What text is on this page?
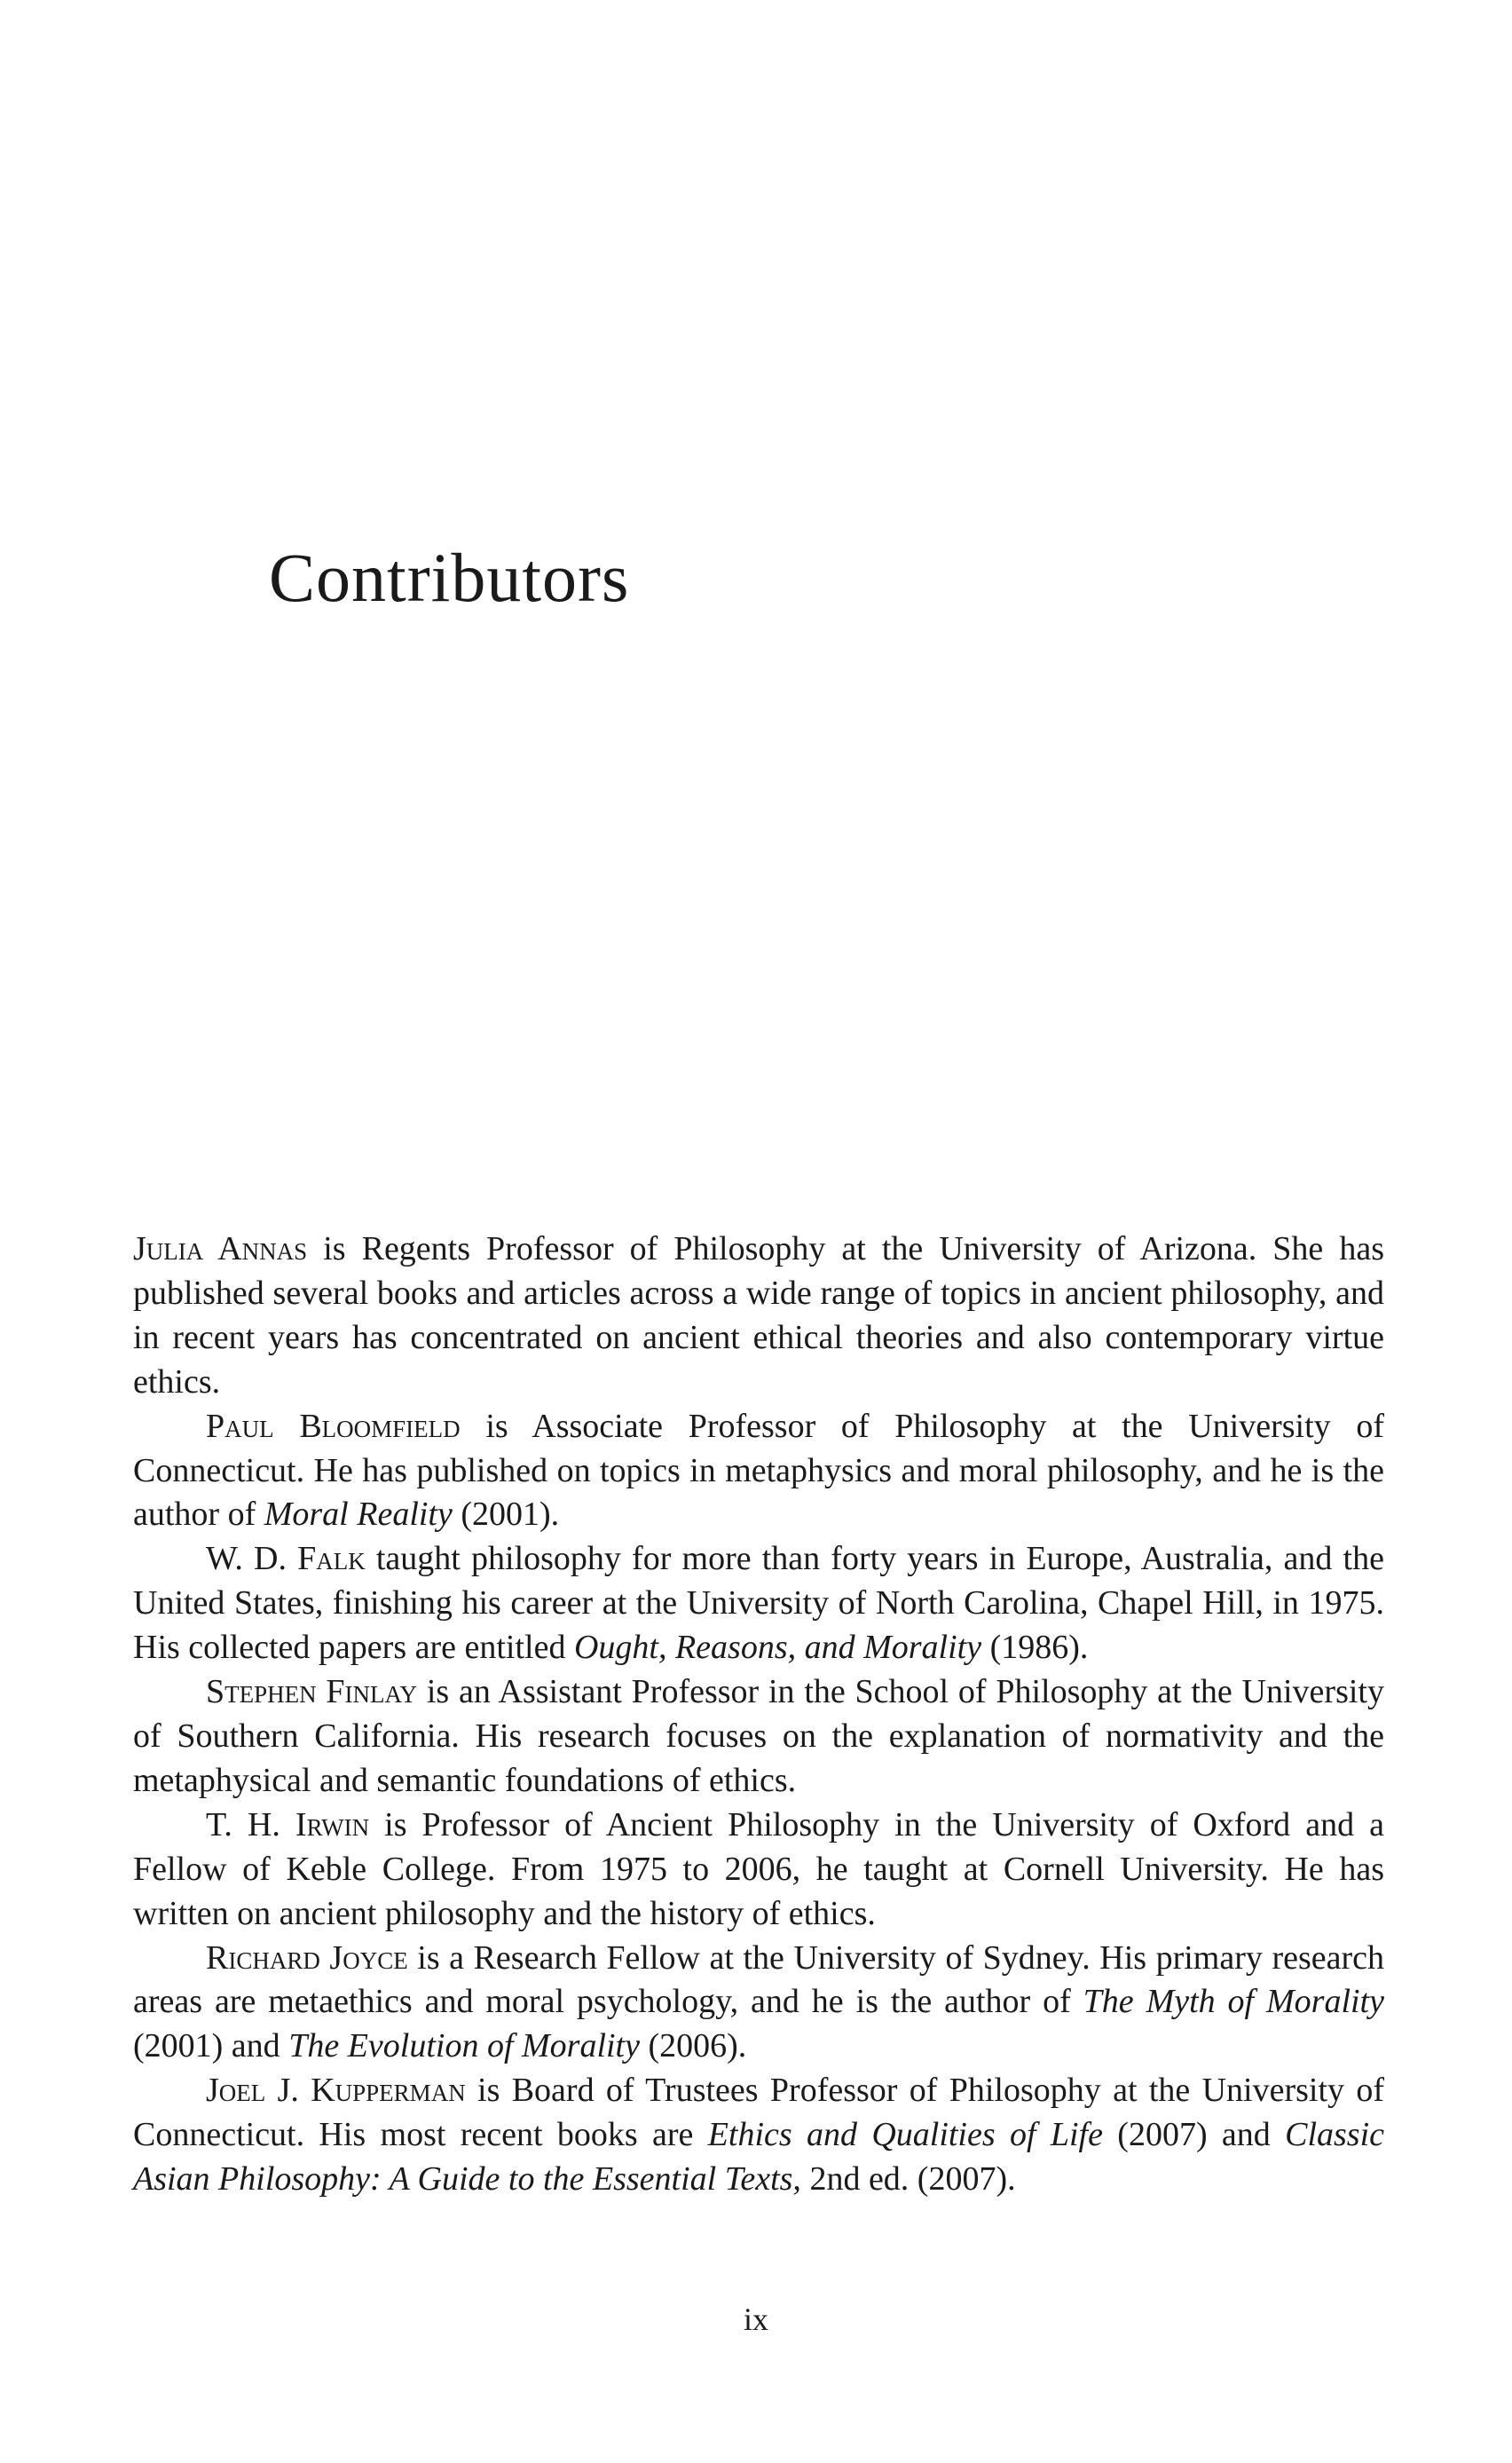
Contributors

Julia Annas is Regents Professor of Philosophy at the University of Arizona. She has published several books and articles across a wide range of topics in ancient philosophy, and in recent years has concentrated on ancient ethical theories and also contemporary virtue ethics.

Paul Bloomfield is Associate Professor of Philosophy at the University of Connecticut. He has published on topics in metaphysics and moral philosophy, and he is the author of Moral Reality (2001).

W. D. Falk taught philosophy for more than forty years in Europe, Australia, and the United States, finishing his career at the University of North Carolina, Chapel Hill, in 1975. His collected papers are entitled Ought, Reasons, and Morality (1986).

Stephen Finlay is an Assistant Professor in the School of Philosophy at the University of Southern California. His research focuses on the explanation of normativity and the metaphysical and semantic foundations of ethics.

T. H. Irwin is Professor of Ancient Philosophy in the University of Oxford and a Fellow of Keble College. From 1975 to 2006, he taught at Cornell University. He has written on ancient philosophy and the history of ethics.

Richard Joyce is a Research Fellow at the University of Sydney. His primary research areas are metaethics and moral psychology, and he is the author of The Myth of Morality (2001) and The Evolution of Morality (2006).

Joel J. Kupperman is Board of Trustees Professor of Philosophy at the University of Connecticut. His most recent books are Ethics and Qualities of Life (2007) and Classic Asian Philosophy: A Guide to the Essential Texts, 2nd ed. (2007).

ix
